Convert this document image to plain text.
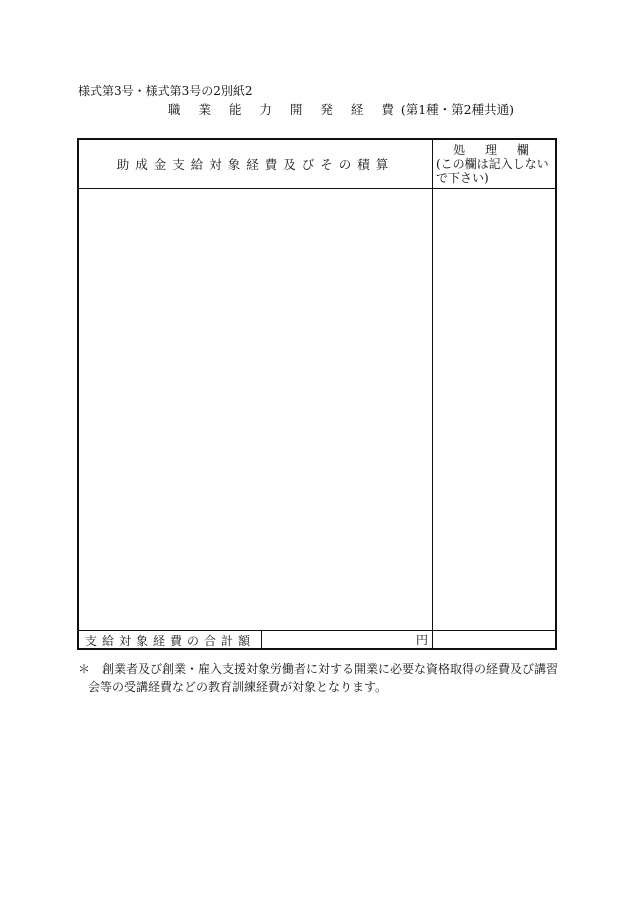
様式第3号・様式第3号の2別紙2
職 業 能 力 開 発 経 費(第1種・第2種共通)
助成金支給対象経費及びその積算
処 理 欄
(この欄は記入しないで下さい)
支給対象経費の合計額	円
＊ 創業者及び創業・雇入支援対象労働者に対する開業に必要な資格取得の経費及び講習
会等の受講経費などの教育訓練経費が対象となります。
